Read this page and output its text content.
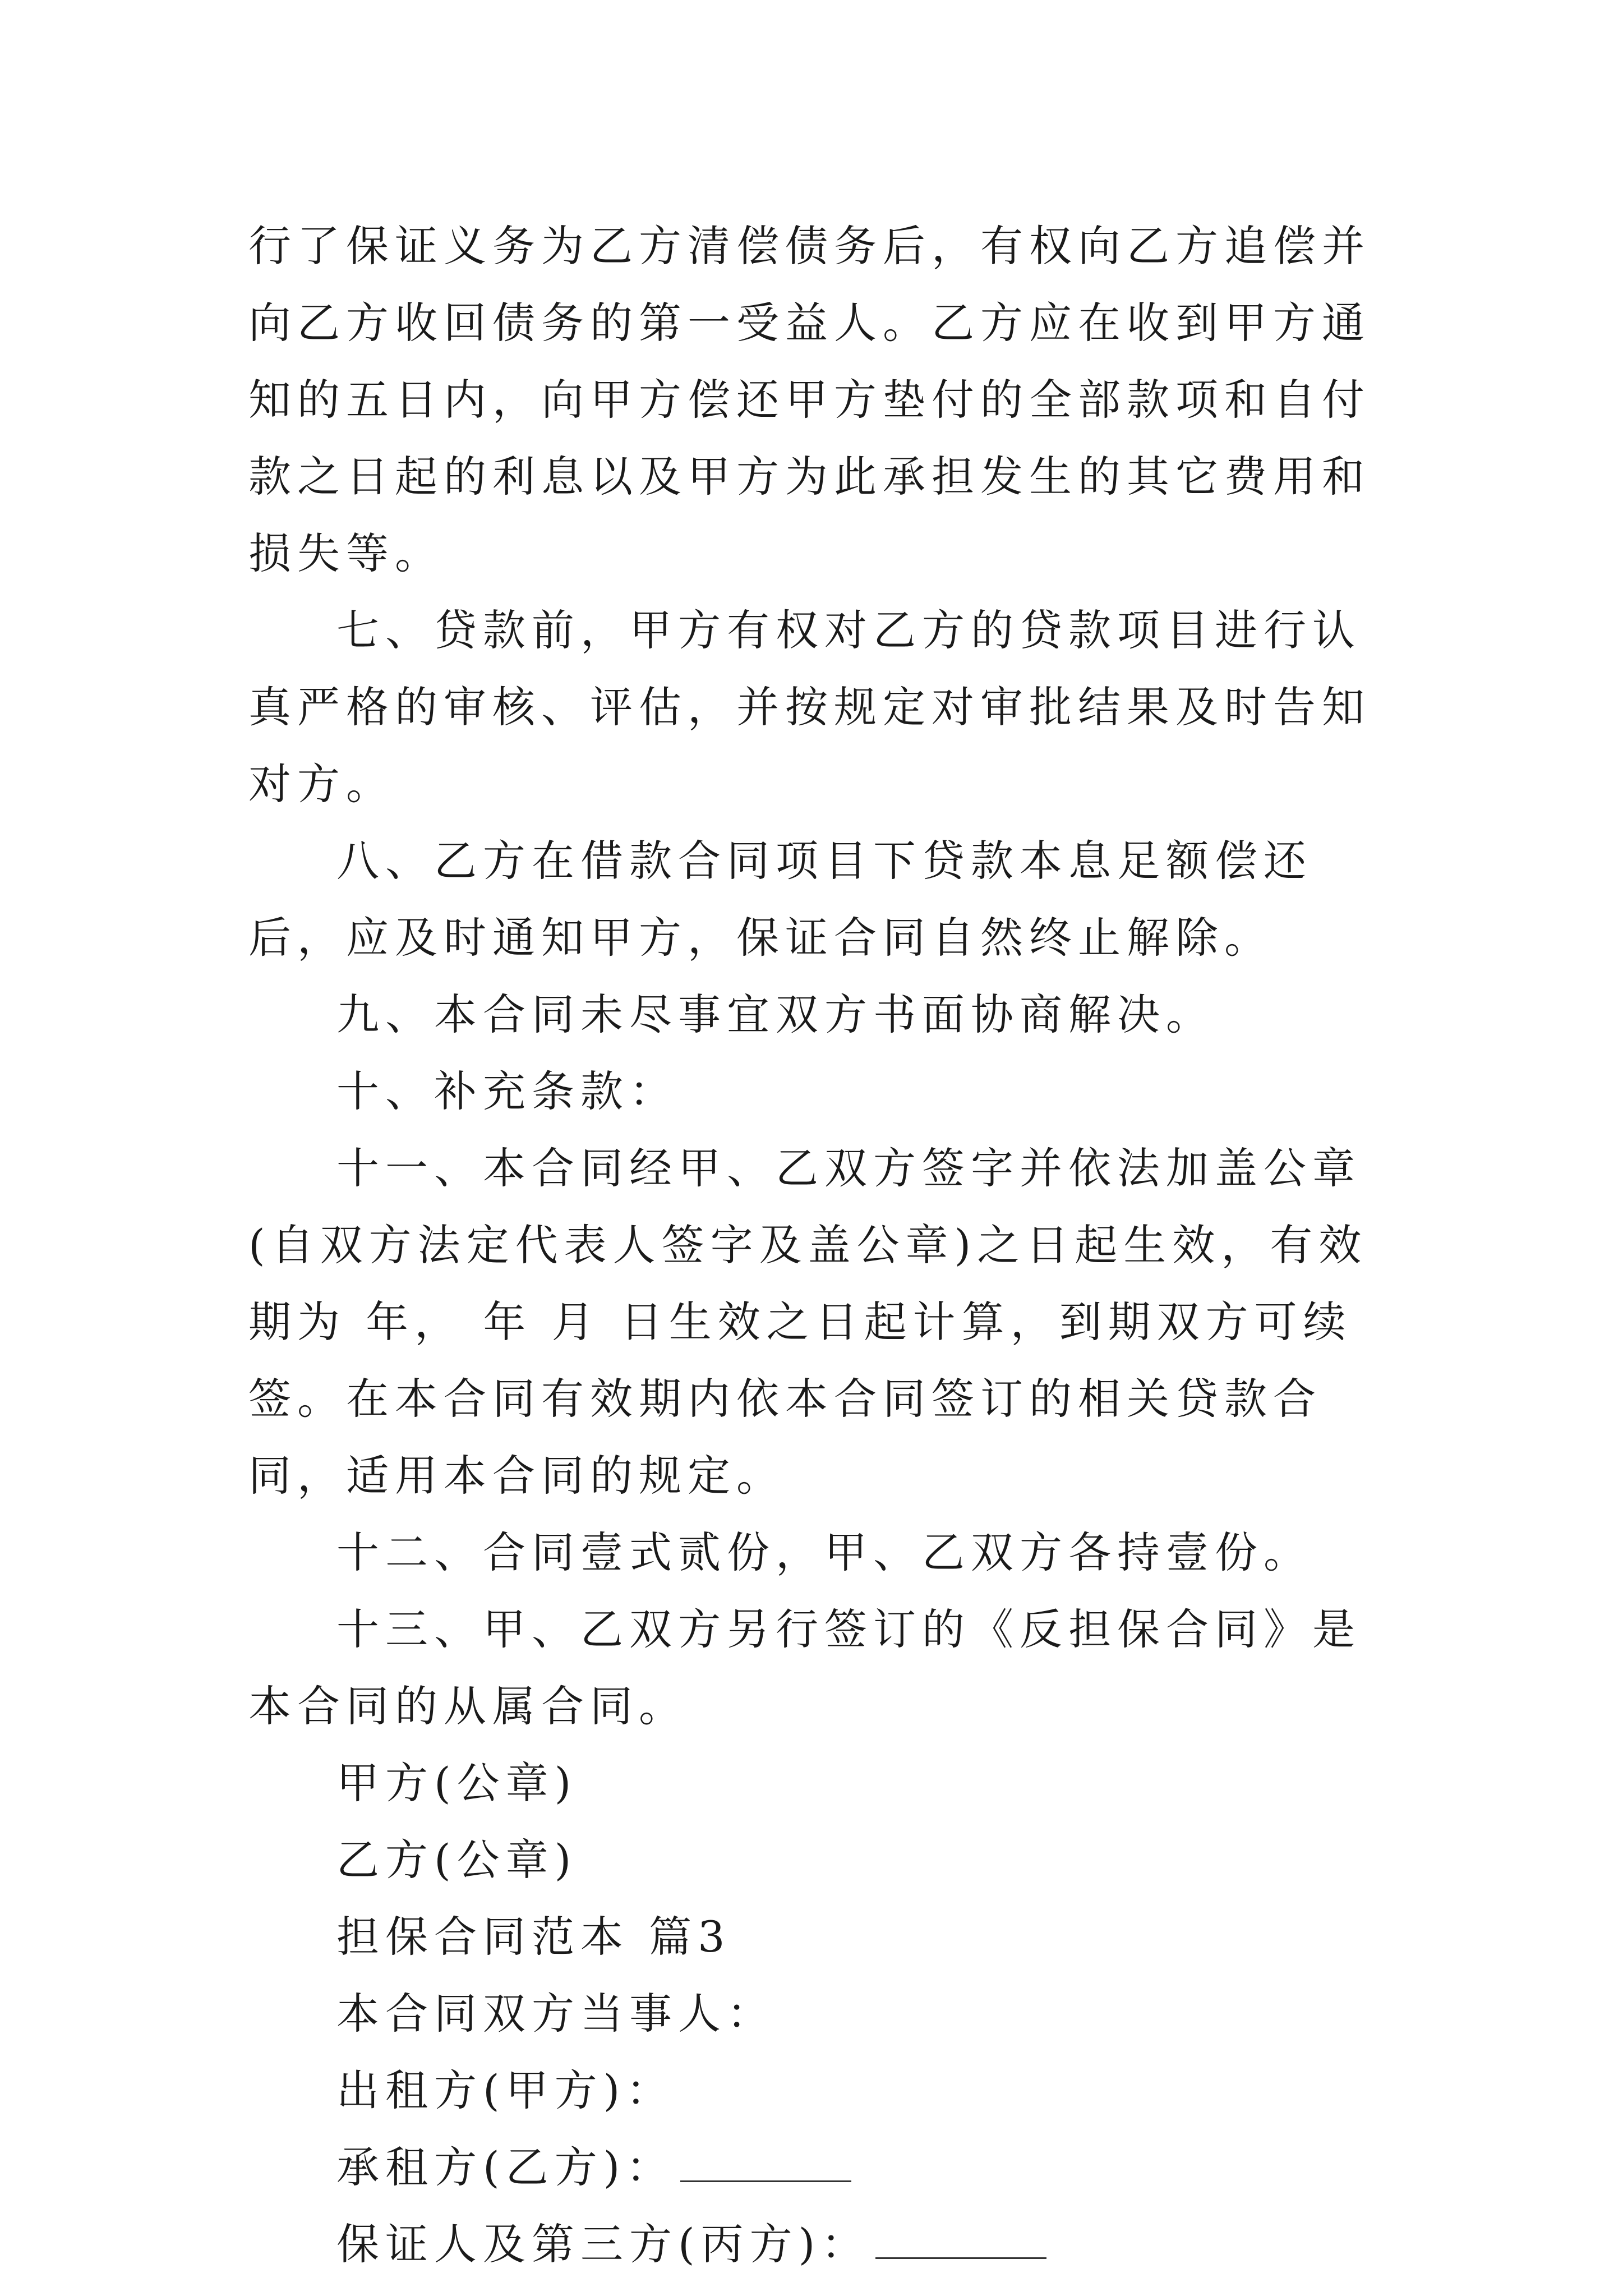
行了保证义务为乙方清偿债务后，有权向乙方追偿并向乙方收回债务的第一受益人。乙方应在收到甲方通知的五日内，向甲方偿还甲方垫付的全部款项和自付款之日起的利息以及甲方为此承担发生的其它费用和损失等。

七、贷款前，甲方有权对乙方的贷款项目进行认真严格的审核、评估，并按规定对审批结果及时告知对方。

八、乙方在借款合同项目下贷款本息足额偿还后，应及时通知甲方，保证合同自然终止解除。

九、本合同未尽事宜双方书面协商解决。

十、补充条款：

十一、本合同经甲、乙双方签字并依法加盖公章(自双方法定代表人签字及盖公章)之日起生效，有效期为 年， 年 月 日生效之日起计算，到期双方可续签。在本合同有效期内依本合同签订的相关贷款合同，适用本合同的规定。

十二、合同壹式贰份，甲、乙双方各持壹份。

十三、甲、乙双方另行签订的《反担保合同》是本合同的从属合同。

甲方(公章)

乙方(公章)

担保合同范本 篇3

本合同双方当事人：

出租方(甲方)：

承租方(乙方)：

保证人及第三方(丙方)：
